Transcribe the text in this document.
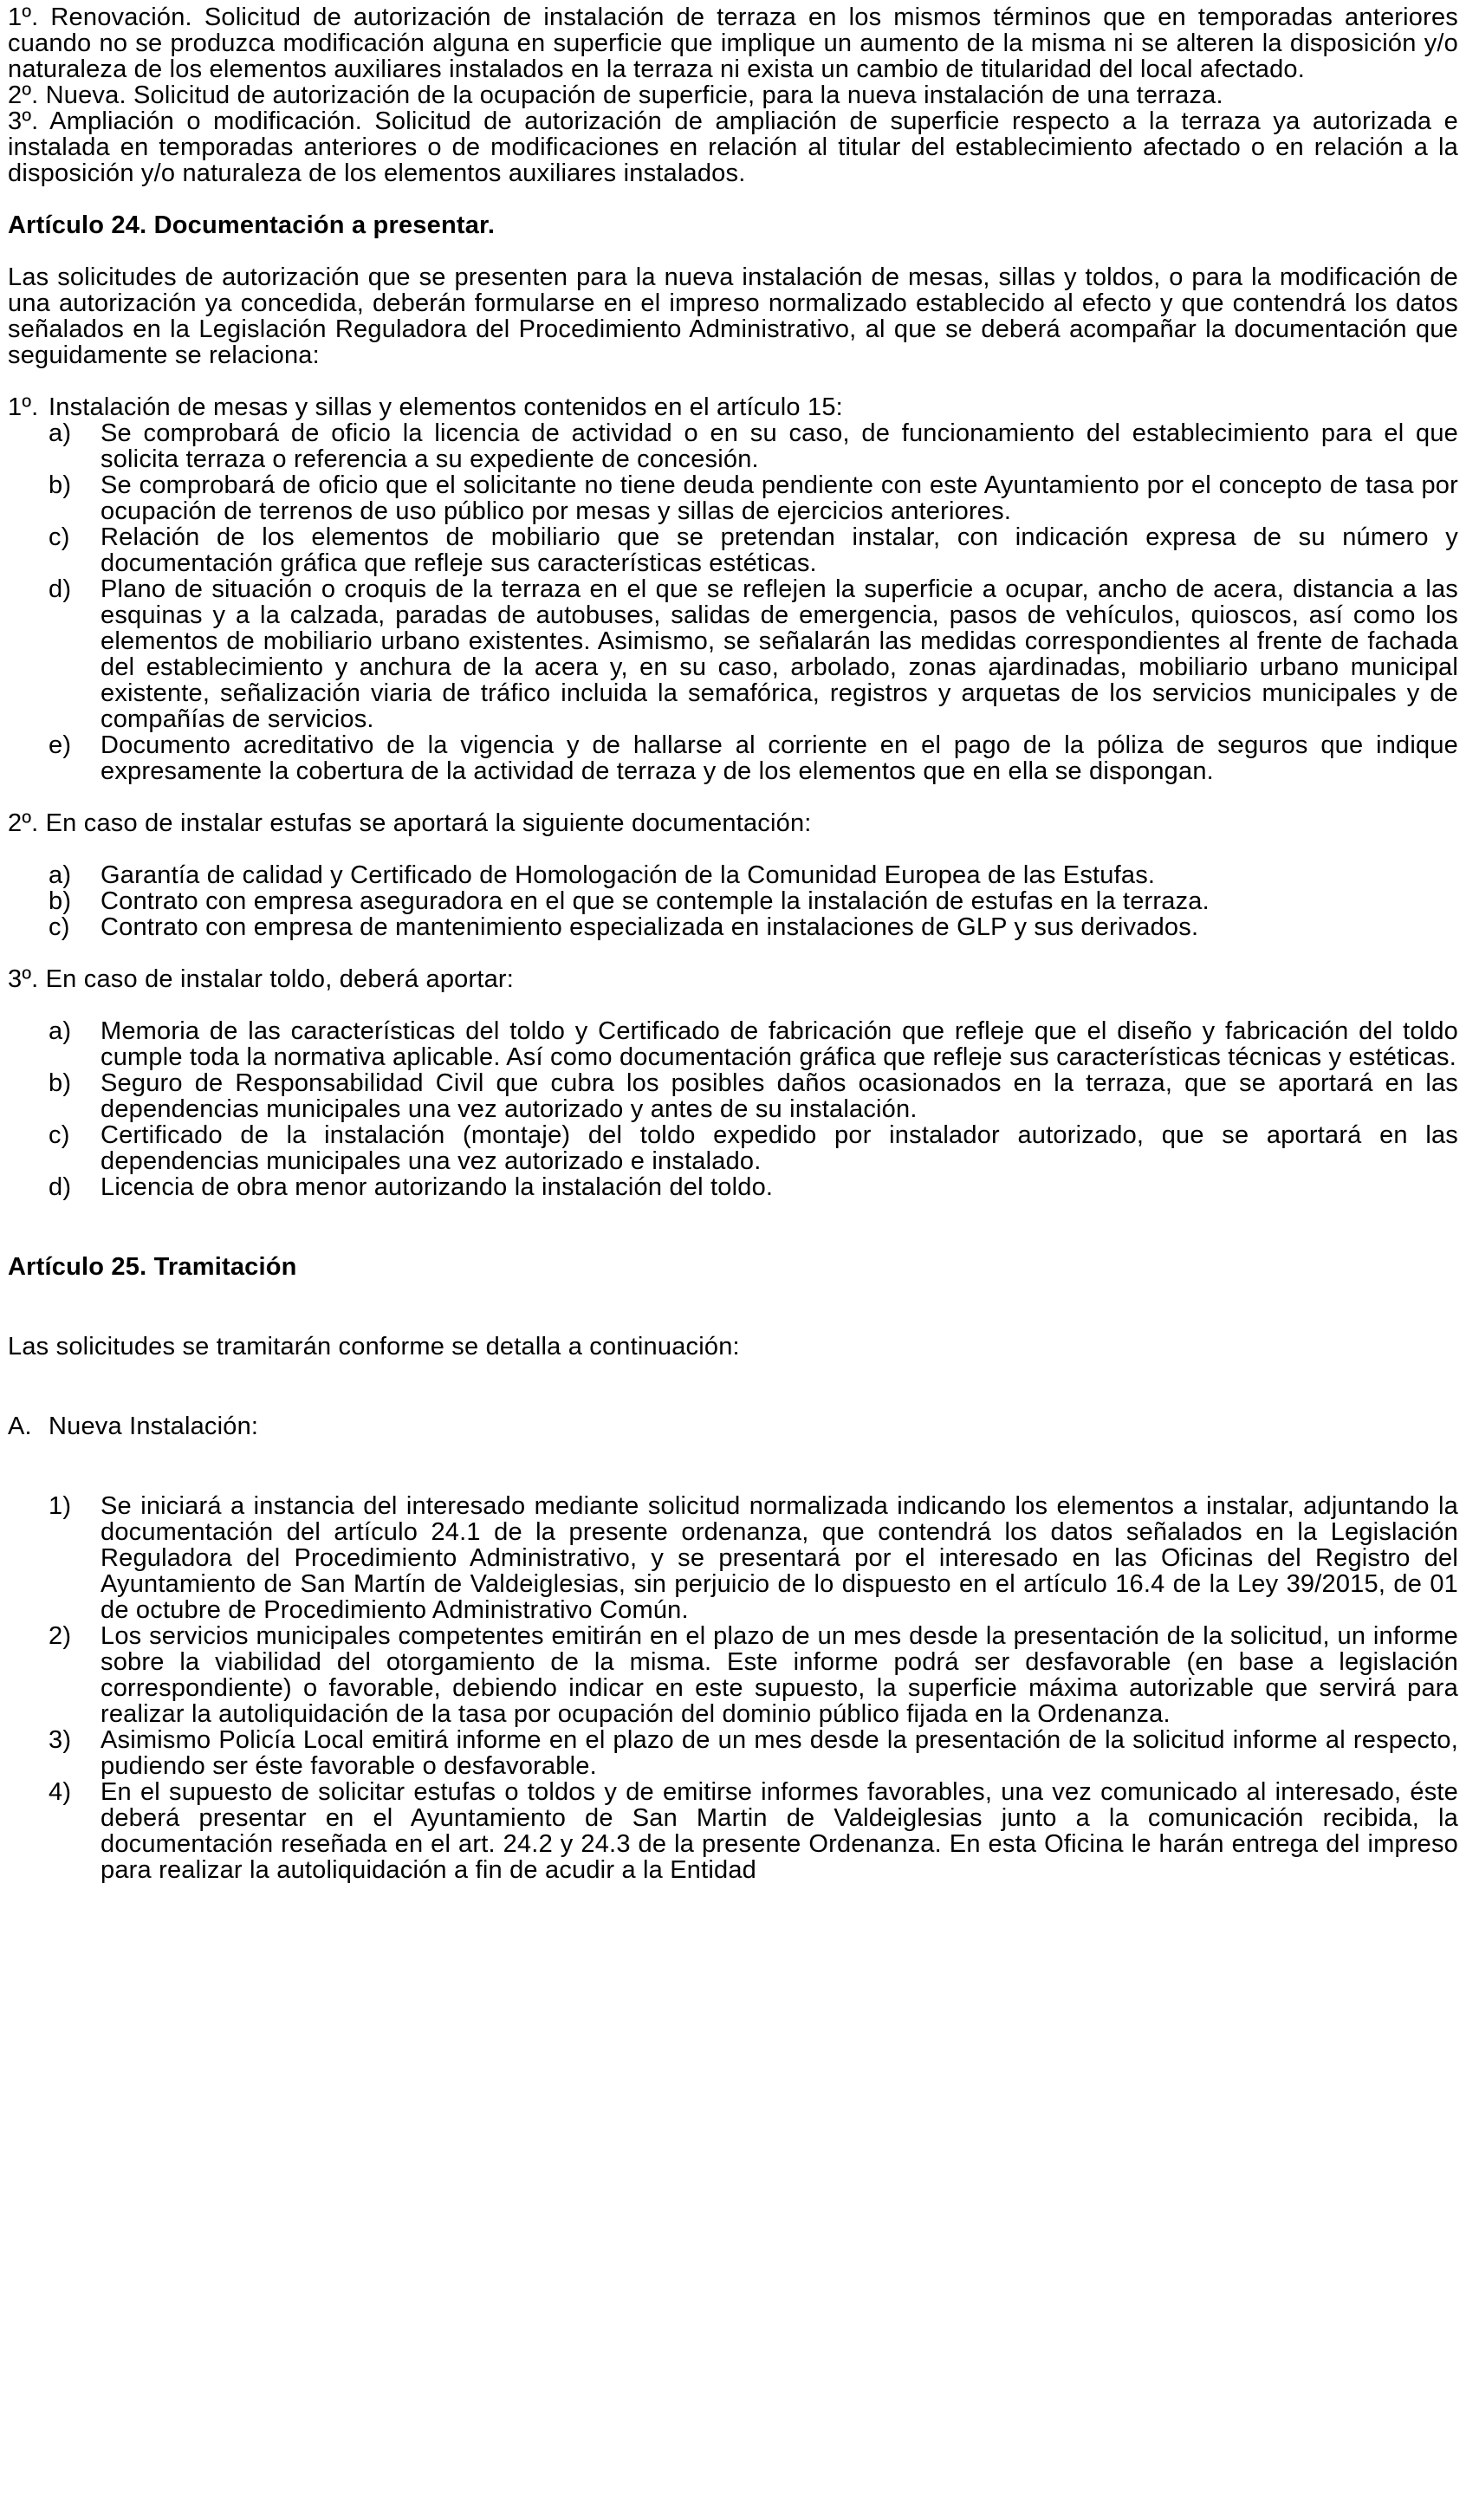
1º. Renovación. Solicitud de autorización de instalación de terraza en los mismos términos que en temporadas anteriores cuando no se produzca modificación alguna en superficie que implique un aumento de la misma ni se alteren la disposición y/o naturaleza de los elementos auxiliares instalados en la terraza ni exista un cambio de titularidad del local afectado.

2º. Nueva. Solicitud de autorización de la ocupación de superficie, para la nueva instalación de una terraza.

3º. Ampliación o modificación. Solicitud de autorización de ampliación de superficie respecto a la terraza ya autorizada e instalada en temporadas anteriores o de modificaciones en relación al titular del establecimiento afectado o en relación a la disposición y/o naturaleza de los elementos auxiliares instalados.

Artículo 24. Documentación a presentar.

Las solicitudes de autorización que se presenten para la nueva instalación de mesas, sillas y toldos, o para la modificación de una autorización ya concedida, deberán formularse en el impreso normalizado establecido al efecto y que contendrá los datos señalados en la Legislación Reguladora del Procedimiento Administrativo, al que se deberá acompañar la documentación que seguidamente se relaciona:

1º. Instalación de mesas y sillas y elementos contenidos en el artículo 15:
a) Se comprobará de oficio la licencia de actividad o en su caso, de funcionamiento del establecimiento para el que solicita terraza o referencia a su expediente de concesión.
b) Se comprobará de oficio que el solicitante no tiene deuda pendiente con este Ayuntamiento por el concepto de tasa por ocupación de terrenos de uso público por mesas y sillas de ejercicios anteriores.
c) Relación de los elementos de mobiliario que se pretendan instalar, con indicación expresa de su número y documentación gráfica que refleje sus características estéticas.
d) Plano de situación o croquis de la terraza en el que se reflejen la superficie a ocupar, ancho de acera, distancia a las esquinas y a la calzada, paradas de autobuses, salidas de emergencia, pasos de vehículos, quioscos, así como los elementos de mobiliario urbano existentes. Asimismo, se señalarán las medidas correspondientes al frente de fachada del establecimiento y anchura de la acera y, en su caso, arbolado, zonas ajardinadas, mobiliario urbano municipal existente, señalización viaria de tráfico incluida la semafórica, registros y arquetas de los servicios municipales y de compañías de servicios.
e) Documento acreditativo de la vigencia y de hallarse al corriente en el pago de la póliza de seguros que indique expresamente la cobertura de la actividad de terraza y de los elementos que en ella se dispongan.

2º. En caso de instalar estufas se aportará la siguiente documentación:

a) Garantía de calidad y Certificado de Homologación de la Comunidad Europea de las Estufas.
b) Contrato con empresa aseguradora en el que se contemple la instalación de estufas en la terraza.
c) Contrato con empresa de mantenimiento especializada en instalaciones de GLP y sus derivados.

3º. En caso de instalar toldo, deberá aportar:

a) Memoria de las características del toldo y Certificado de fabricación que refleje que el diseño y fabricación del toldo cumple toda la normativa aplicable. Así como documentación gráfica que refleje sus características técnicas y estéticas.
b) Seguro de Responsabilidad Civil que cubra los posibles daños ocasionados en la terraza, que se aportará en las dependencias municipales una vez autorizado y antes de su instalación.
c) Certificado de la instalación (montaje) del toldo expedido por instalador autorizado, que se aportará en las dependencias municipales una vez autorizado e instalado.
d) Licencia de obra menor autorizando la instalación del toldo.
Artículo 25. Tramitación

Las solicitudes se tramitarán conforme se detalla a continuación:

A. Nueva Instalación:
1) Se iniciará a instancia del interesado mediante solicitud normalizada indicando los elementos a instalar, adjuntando la documentación del artículo 24.1 de la presente ordenanza, que contendrá los datos señalados en la Legislación Reguladora del Procedimiento Administrativo, y se presentará por el interesado en las Oficinas del Registro del Ayuntamiento de San Martín de Valdeiglesias, sin perjuicio de lo dispuesto en el artículo 16.4 de la Ley 39/2015, de 01 de octubre de Procedimiento Administrativo Común.
2) Los servicios municipales competentes emitirán en el plazo de un mes desde la presentación de la solicitud, un informe sobre la viabilidad del otorgamiento de la misma. Este informe podrá ser desfavorable (en base a legislación correspondiente) o favorable, debiendo indicar en este supuesto, la superficie máxima autorizable que servirá para realizar la autoliquidación de la tasa por ocupación del dominio público fijada en la Ordenanza.
3) Asimismo Policía Local emitirá informe en el plazo de un mes desde la presentación de la solicitud informe al respecto, pudiendo ser éste favorable o desfavorable.
4) En el supuesto de solicitar estufas o toldos y de emitirse informes favorables, una vez comunicado al interesado, éste deberá presentar en el Ayuntamiento de San Martin de Valdeiglesias junto a la comunicación recibida, la documentación reseñada en el art. 24.2 y 24.3 de la presente Ordenanza. En esta Oficina le harán entrega del impreso para realizar la autoliquidación a fin de acudir a la Entidad
